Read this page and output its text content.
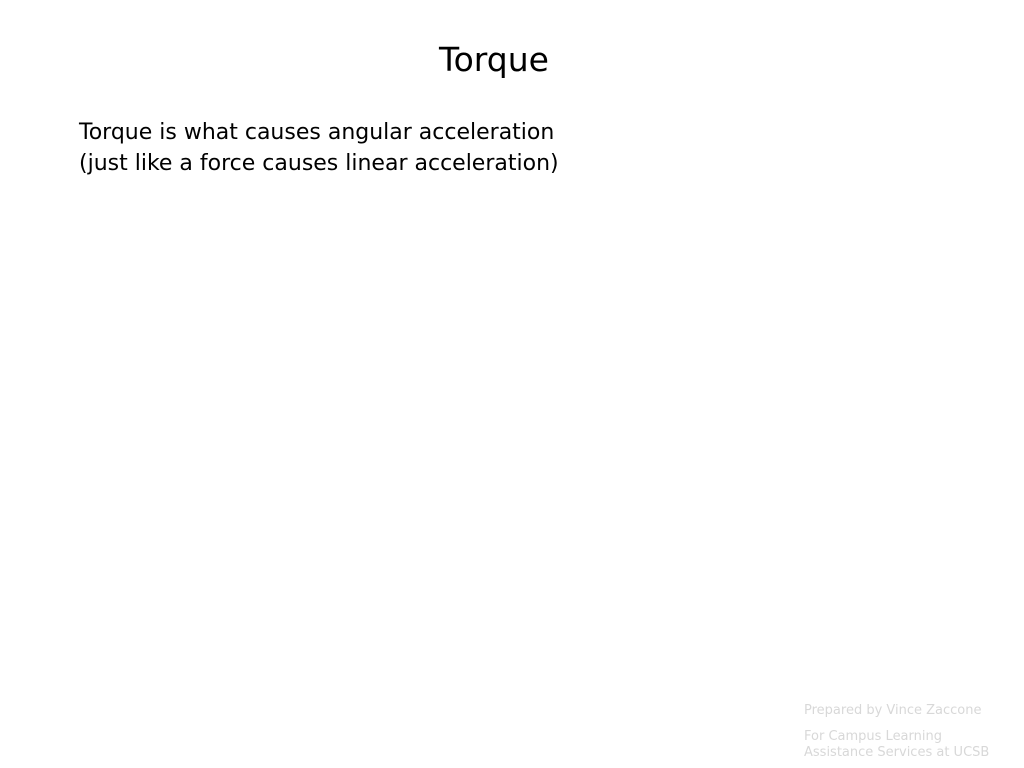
Torque
Torque is what causes angular acceleration
(just like a force causes linear acceleration)
Prepared by Vince Zaccone
For Campus Learning
Assistance Services at UCSB
